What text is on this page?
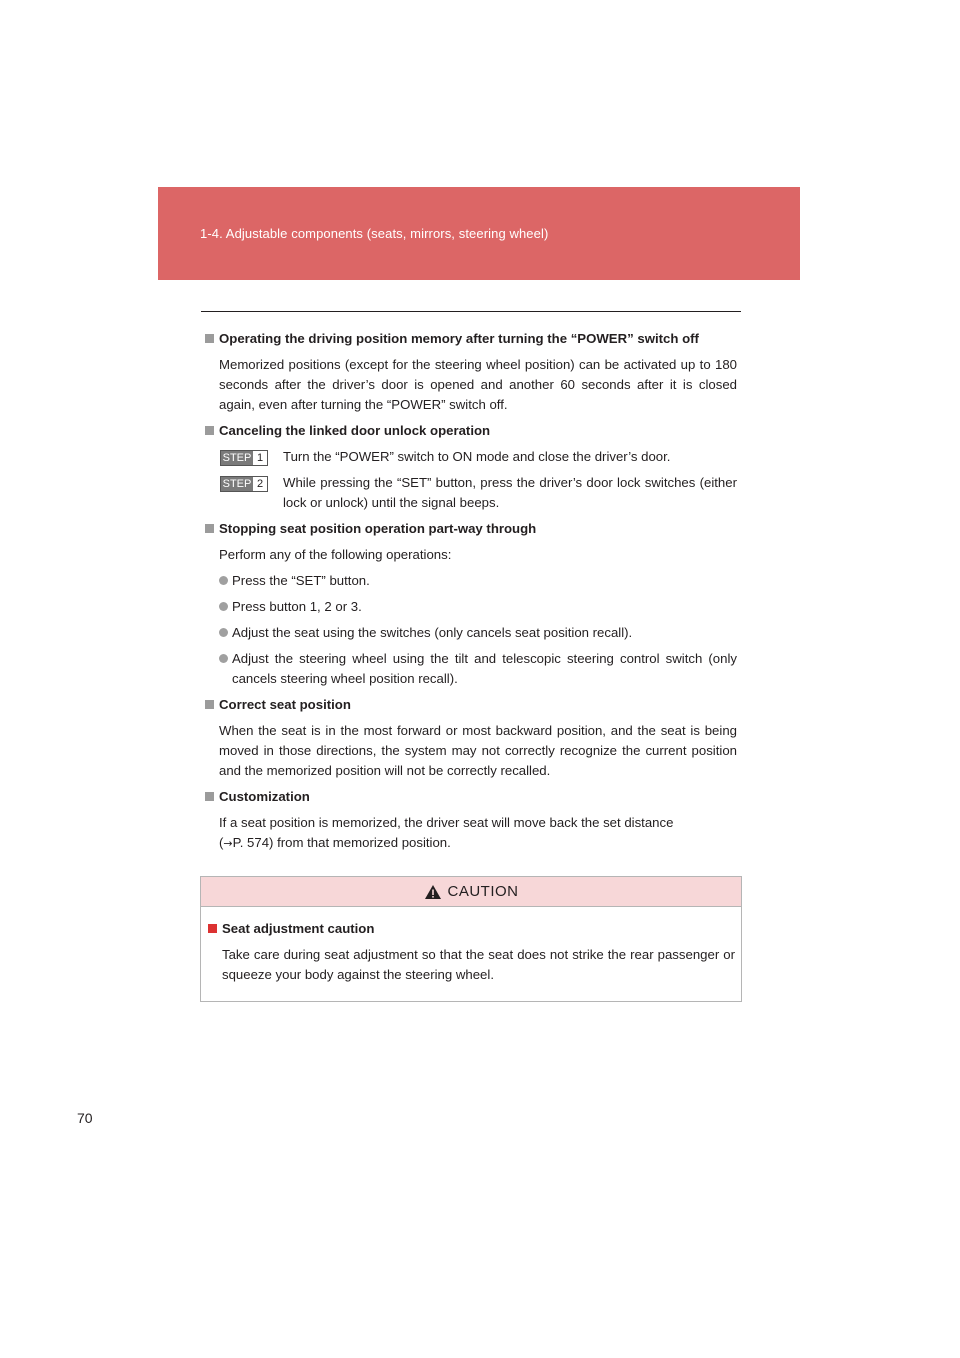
1-4. Adjustable components (seats, mirrors, steering wheel)
Operating the driving position memory after turning the “POWER” switch off

Memorized positions (except for the steering wheel position) can be activated up to 180 seconds after the driver’s door is opened and another 60 seconds after it is closed again, even after turning the “POWER” switch off.

Canceling the linked door unlock operation
STEP 1 Turn the “POWER” switch to ON mode and close the driver’s door.
STEP 2 While pressing the “SET” button, press the driver’s door lock switches (either lock or unlock) until the signal beeps.
Stopping seat position operation part-way through

Perform any of the following operations:

Press the “SET” button.
Press button 1, 2 or 3.
Adjust the seat using the switches (only cancels seat position recall).
Adjust the steering wheel using the tilt and telescopic steering control switch (only cancels steering wheel position recall).
Correct seat position

When the seat is in the most forward or most backward position, and the seat is being moved in those directions, the system may not correctly recognize the current position and the memorized position will not be correctly recalled.

Customization

If a seat position is memorized, the driver seat will move back the set distance
(→P. 574) from that memorized position.

CAUTION
Seat adjustment caution

Take care during seat adjustment so that the seat does not strike the rear passenger or squeeze your body against the steering wheel.

70
